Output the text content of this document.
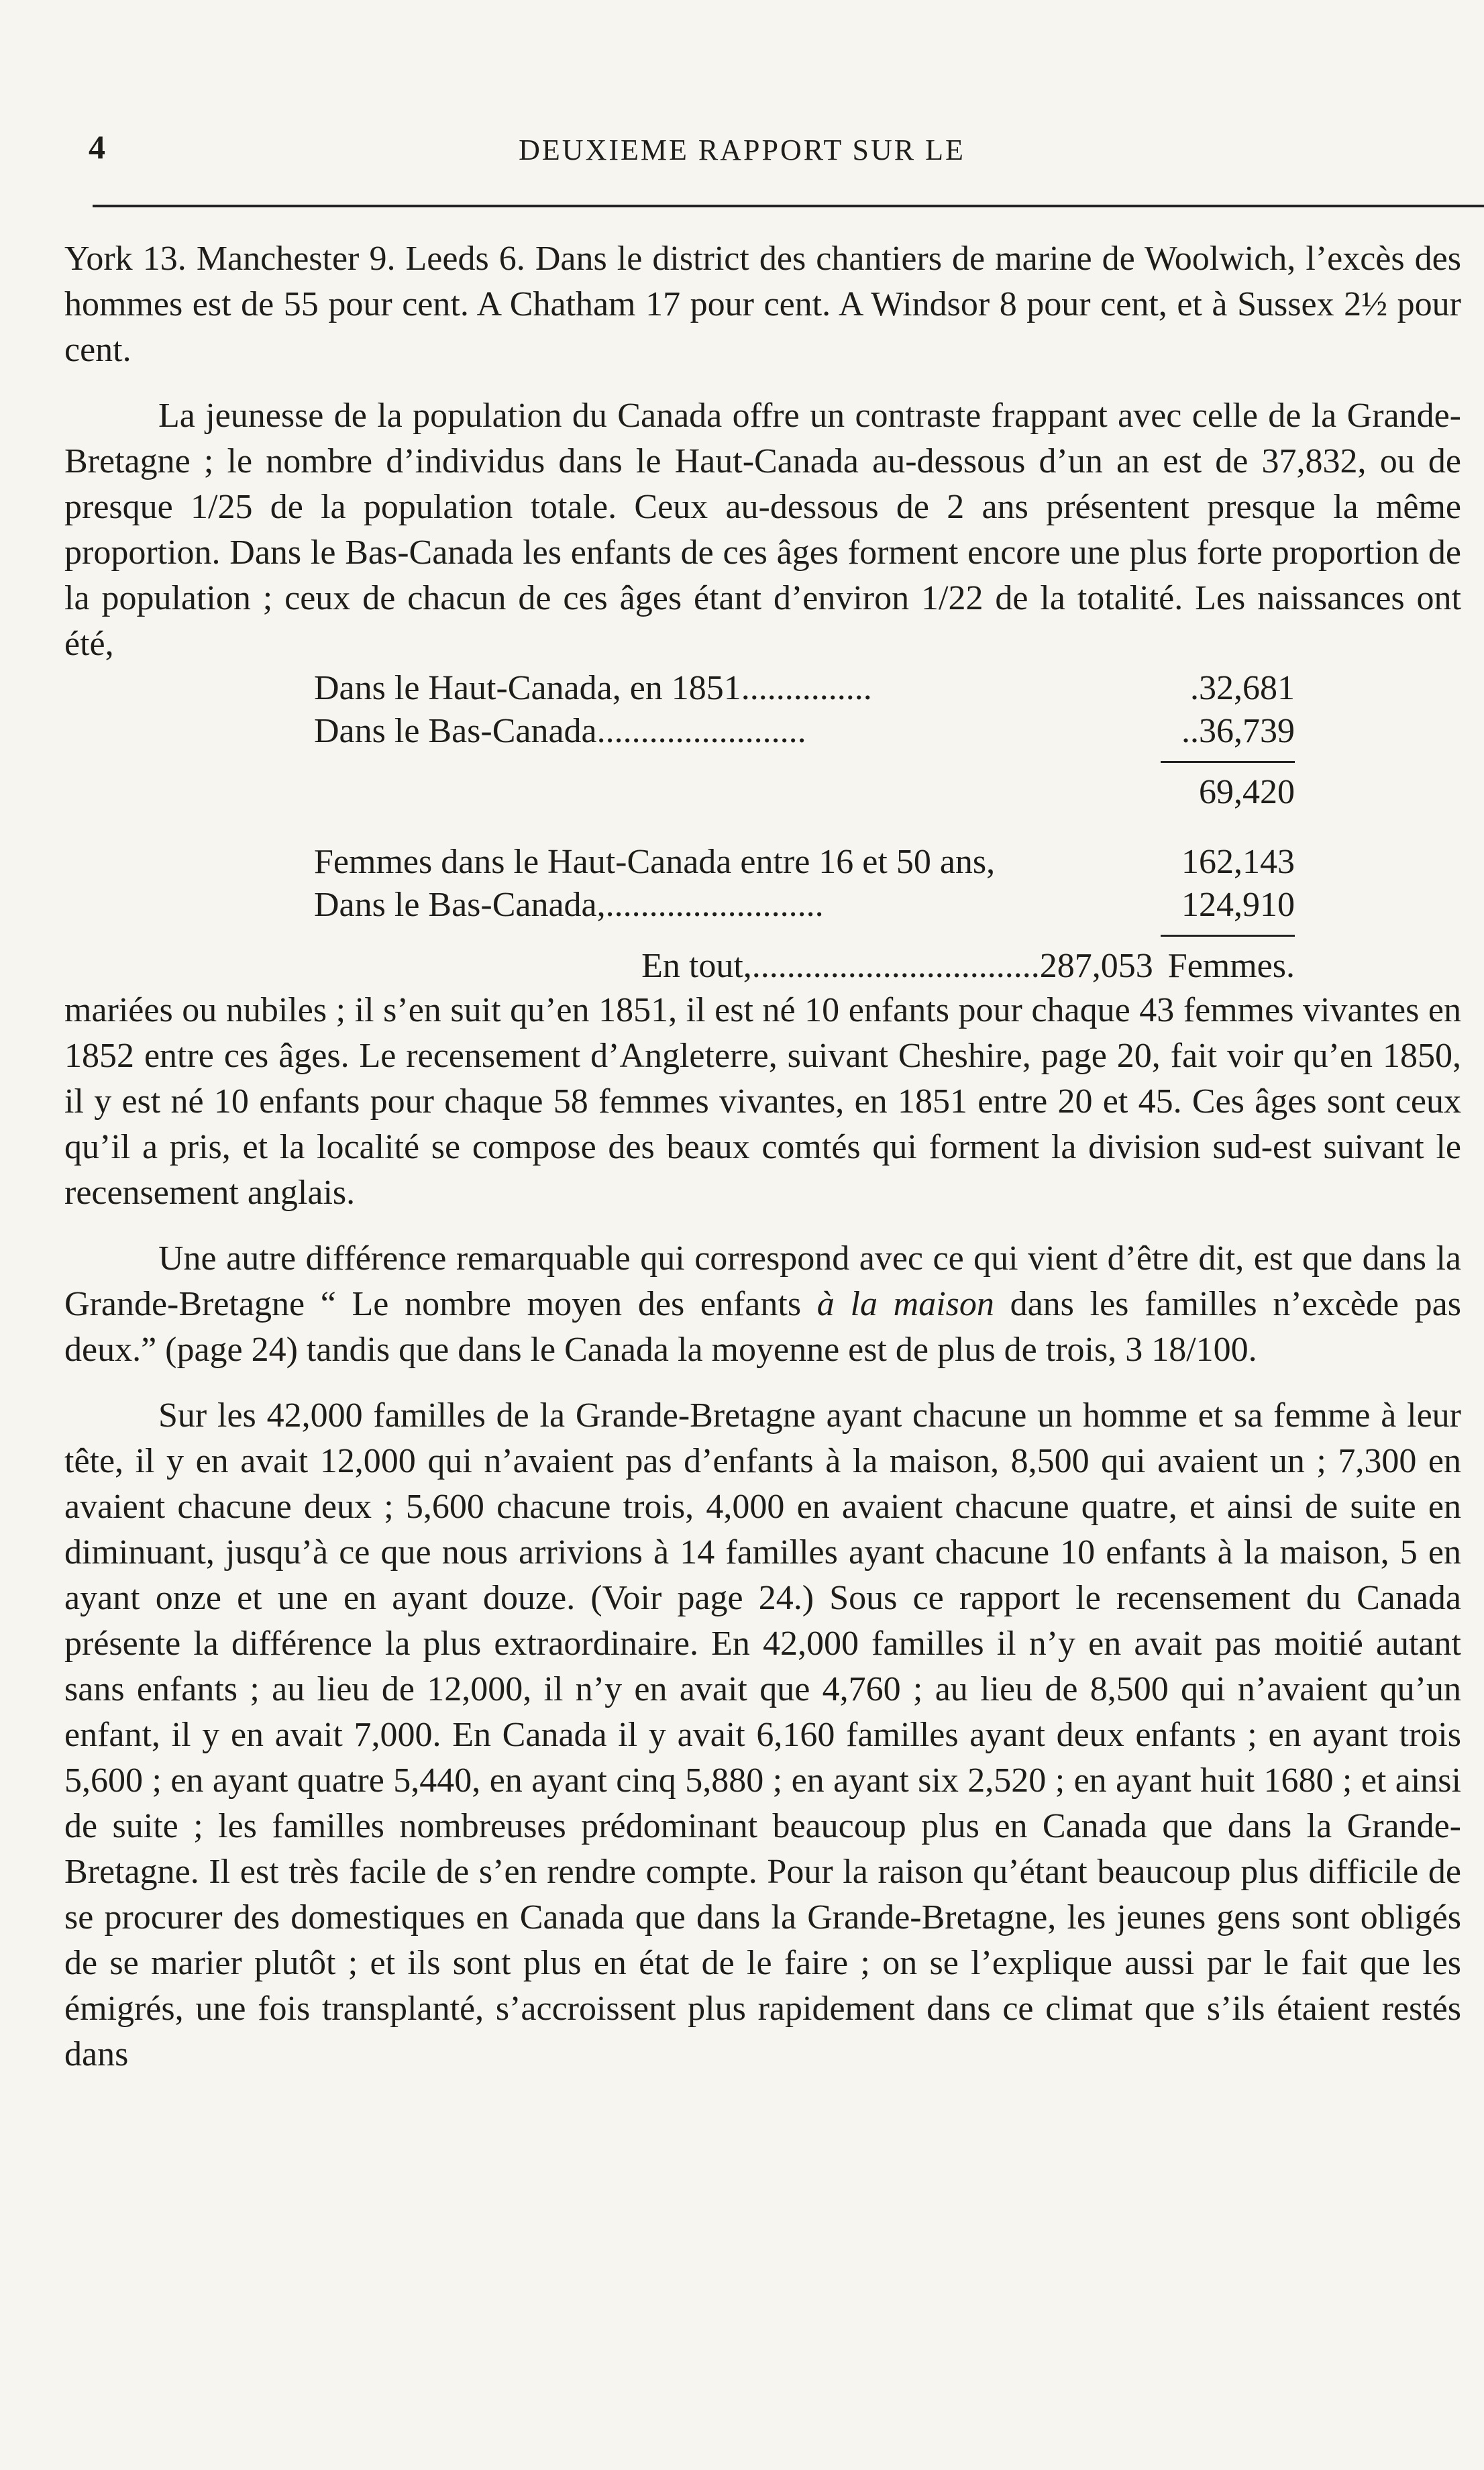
4	DEUXIEME RAPPORT SUR LE

York 13. Manchester 9. Leeds 6. Dans le district des chantiers de marine de Woolwich, l’excès des hommes est de 55 pour cent. A Chatham 17 pour cent. A Windsor 8 pour cent, et à Sussex 2½ pour cent.

La jeunesse de la population du Canada offre un contraste frappant avec celle de la Grande-Bretagne ; le nombre d’individus dans le Haut-Canada au-dessous d’un an est de 37,832, ou de presque 1/25 de la population totale. Ceux au-dessous de 2 ans présentent presque la même proportion. Dans le Bas-Canada les enfants de ces âges forment encore une plus forte proportion de la population ; ceux de chacun de ces âges étant d’environ 1/22 de la totalité. Les naissances ont été,

Dans le Haut-Canada, en 1851...............	.32,681
Dans le Bas-Canada........................	..36,739
69,420
Femmes dans le Haut-Canada entre 16 et 50 ans,	162,143
Dans le Bas-Canada,.........................	124,910
En tout,................................. 287,053 Femmes.

mariées ou nubiles ; il s’en suit qu’en 1851, il est né 10 enfants pour chaque 43 femmes vivantes en 1852 entre ces âges. Le recensement d’Angleterre, suivant Cheshire, page 20, fait voir qu’en 1850, il y est né 10 enfants pour chaque 58 femmes vivantes, en 1851 entre 20 et 45. Ces âges sont ceux qu’il a pris, et la localité se compose des beaux comtés qui forment la division sud-est suivant le recensement anglais.

Une autre différence remarquable qui correspond avec ce qui vient d’être dit, est que dans la Grande-Bretagne “ Le nombre moyen des enfants à la maison dans les familles n’excède pas deux.” (page 24) tandis que dans le Canada la moyenne est de plus de trois, 3 18/100.

Sur les 42,000 familles de la Grande-Bretagne ayant chacune un homme et sa femme à leur tête, il y en avait 12,000 qui n’avaient pas d’enfants à la maison, 8,500 qui avaient un ; 7,300 en avaient chacune deux ; 5,600 chacune trois, 4,000 en avaient chacune quatre, et ainsi de suite en diminuant, jusqu’à ce que nous arrivions à 14 familles ayant chacune 10 enfants à la maison, 5 en ayant onze et une en ayant douze. (Voir page 24.) Sous ce rapport le recensement du Canada présente la différence la plus extraordinaire. En 42,000 familles il n’y en avait pas moitié autant sans enfants ; au lieu de 12,000, il n’y en avait que 4,760 ; au lieu de 8,500 qui n’avaient qu’un enfant, il y en avait 7,000. En Canada il y avait 6,160 familles ayant deux enfants ; en ayant trois 5,600 ; en ayant quatre 5,440, en ayant cinq 5,880 ; en ayant six 2,520 ; en ayant huit 1680 ; et ainsi de suite ; les familles nombreuses prédominant beaucoup plus en Canada que dans la Grande-Bretagne. Il est très facile de s’en rendre compte. Pour la raison qu’étant beaucoup plus difficile de se procurer des domestiques en Canada que dans la Grande-Bretagne, les jeunes gens sont obligés de se marier plutôt ; et ils sont plus en état de le faire ; on se l’explique aussi par le fait que les émigrés, une fois transplanté, s’accroissent plus rapidement dans ce climat que s’ils étaient restés dans
